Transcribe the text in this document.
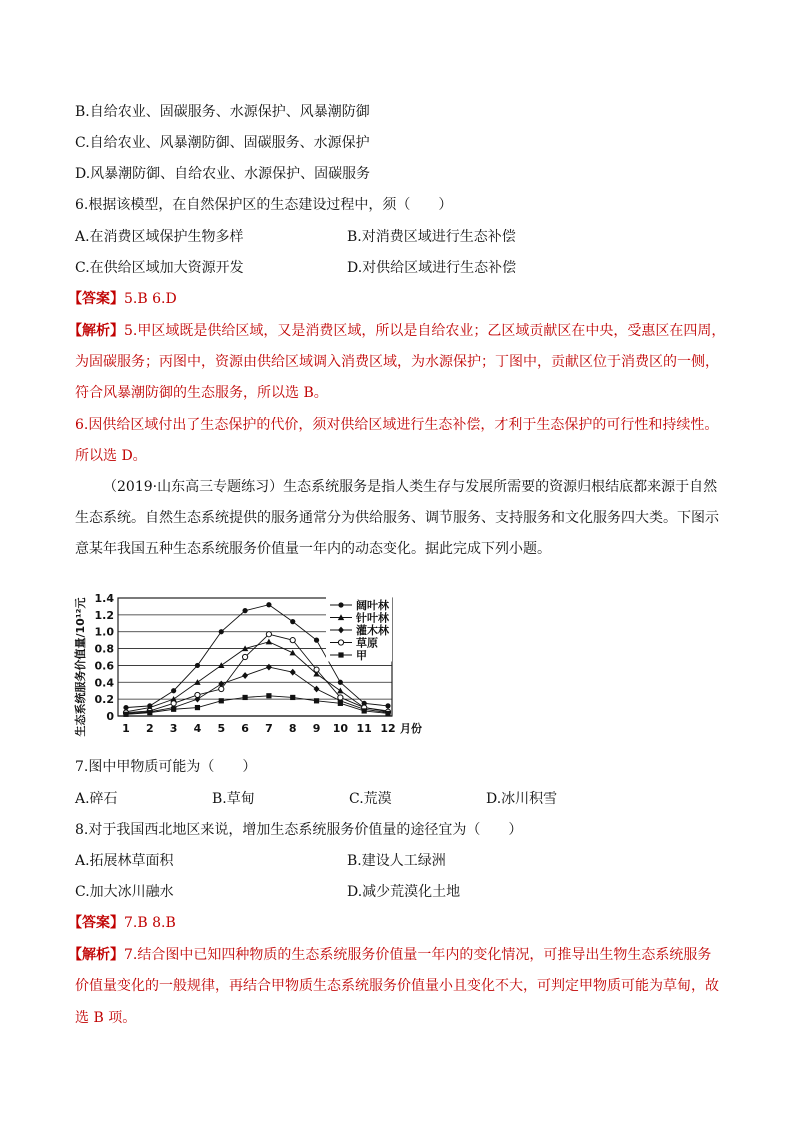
B.自给农业、固碳服务、水源保护、风暴潮防御
C.自给农业、风暴潮防御、固碳服务、水源保护
D.风暴潮防御、自给农业、水源保护、固碳服务
6.根据该模型，在自然保护区的生态建设过程中，须（　　）
A.在消费区域保护生物多样	B.对消费区域进行生态补偿
C.在供给区域加大资源开发	D.对供给区域进行生态补偿
【答案】5.B 6.D
【解析】5.甲区域既是供给区域，又是消费区域，所以是自给农业；乙区域贡献区在中央，受惠区在四周，
为固碳服务；丙图中，资源由供给区域调入消费区域，为水源保护；丁图中，贡献区位于消费区的一侧，
符合风暴潮防御的生态服务，所以选 B。
6.因供给区域付出了生态保护的代价，须对供给区域进行生态补偿，才利于生态保护的可行性和持续性。
所以选 D。
（2019·山东高三专题练习）生态系统服务是指人类生存与发展所需要的资源归根结底都来源于自然
生态系统。自然生态系统提供的服务通常分为供给服务、调节服务、支持服务和文化服务四大类。下图示
意某年我国五种生态系统服务价值量一年内的动态变化。据此完成下列小题。
0
0.2
0.4
0.6
0.8
1.0
1.2
1.4
1 2 3 4 5 6 7 8 9 10 11 12 月份
生态系统服务价值量/10¹²元	阔叶林
针叶林
灌木林
草原
甲
7.图中甲物质可能为（　　）
A.碎石	B.草甸	C.荒漠	D.冰川积雪
8.对于我国西北地区来说，增加生态系统服务价值量的途径宜为（　　）
A.拓展林草面积	B.建设人工绿洲
C.加大冰川融水	D.减少荒漠化土地
【答案】7.B 8.B
【解析】7.结合图中已知四种物质的生态系统服务价值量一年内的变化情况，可推导出生物生态系统服务
价值量变化的一般规律，再结合甲物质生态系统服务价值量小且变化不大，可判定甲物质可能为草甸，故
选 B 项。
